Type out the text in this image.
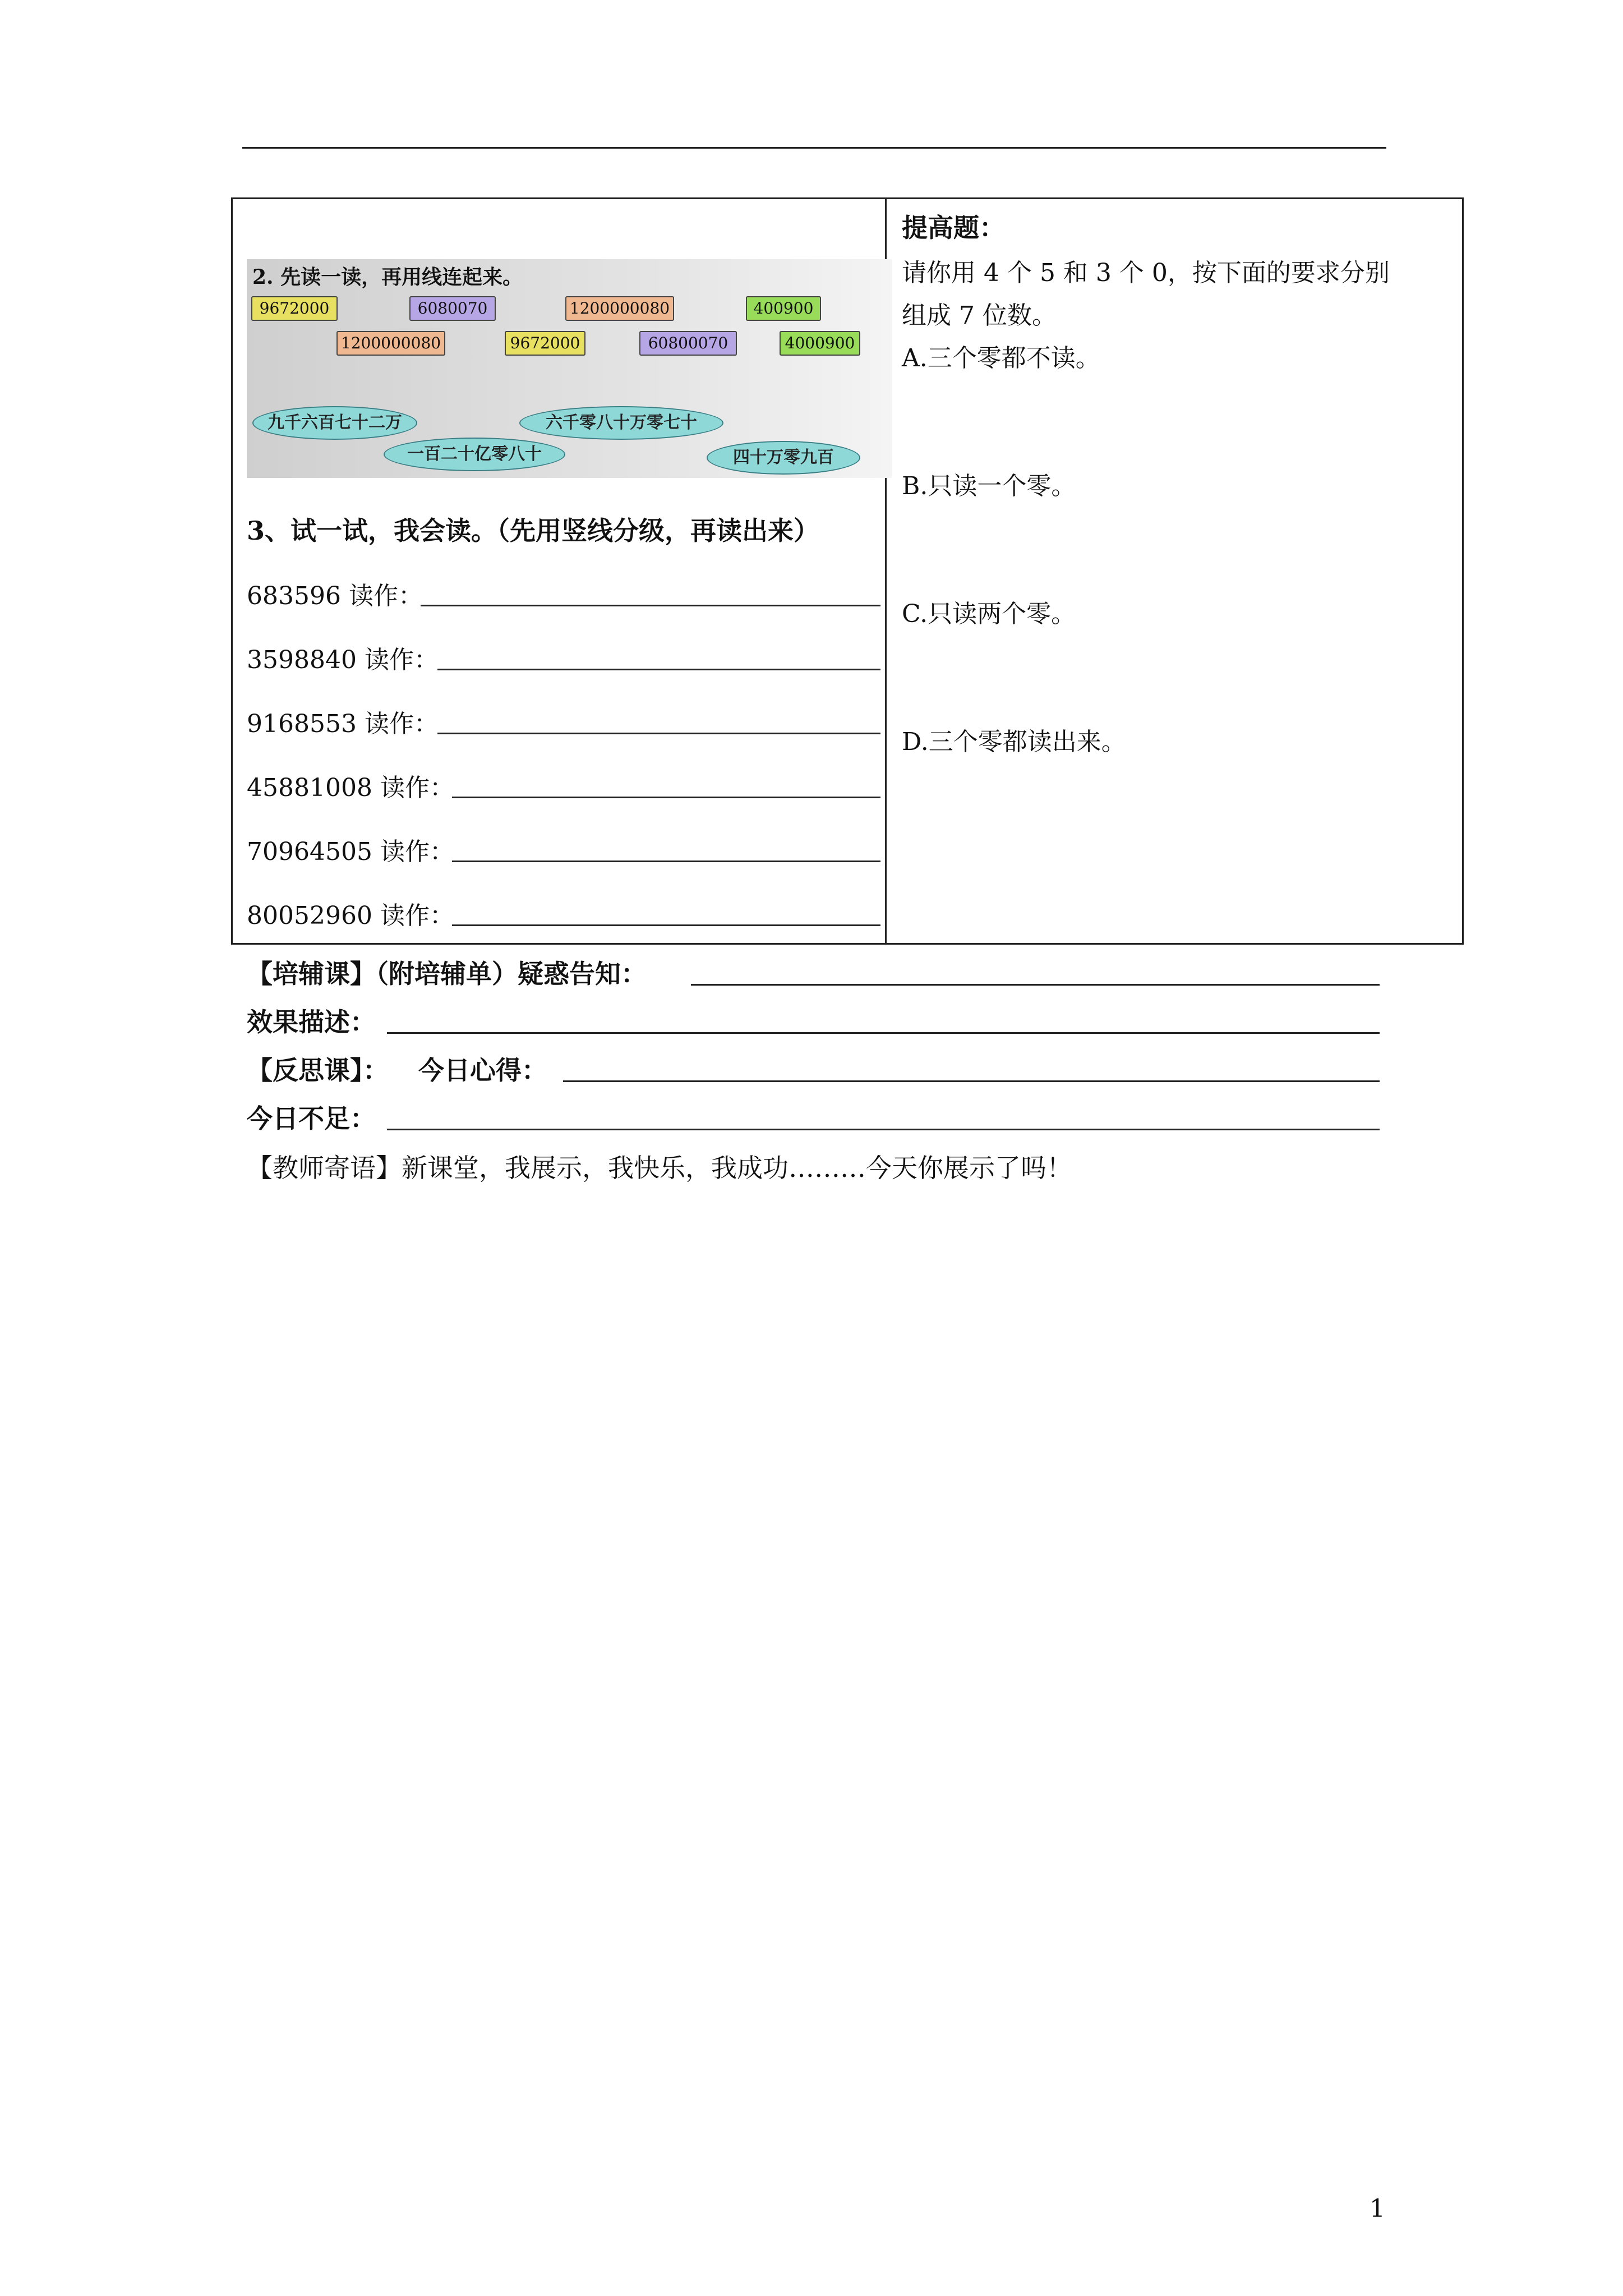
2. 先读一读，再用线连起来。
9672000	6080070	1200000080	400900
1200000080	9672000	60800070	4000900
九千六百七十二万	六千零八十万零七十
一百二十亿零八十	四十万零九百
3、试一试，我会读。（先用竖线分级，再读出来）
683596 读作：
3598840 读作：
9168553 读作：
45881008 读作：
70964505 读作：
80052960 读作：
提高题：
请你用 4 个 5 和 3 个 0，按下面的要求分别
组成 7 位数。
A.三个零都不读。
B.只读一个零。
C.只读两个零。
D.三个零都读出来。
【培辅课】（附培辅单）疑惑告知：
效果描述：
【反思课】： 今日心得：
今日不足：
【教师寄语】新课堂，我展示，我快乐，我成功………今天你展示了吗！
1
